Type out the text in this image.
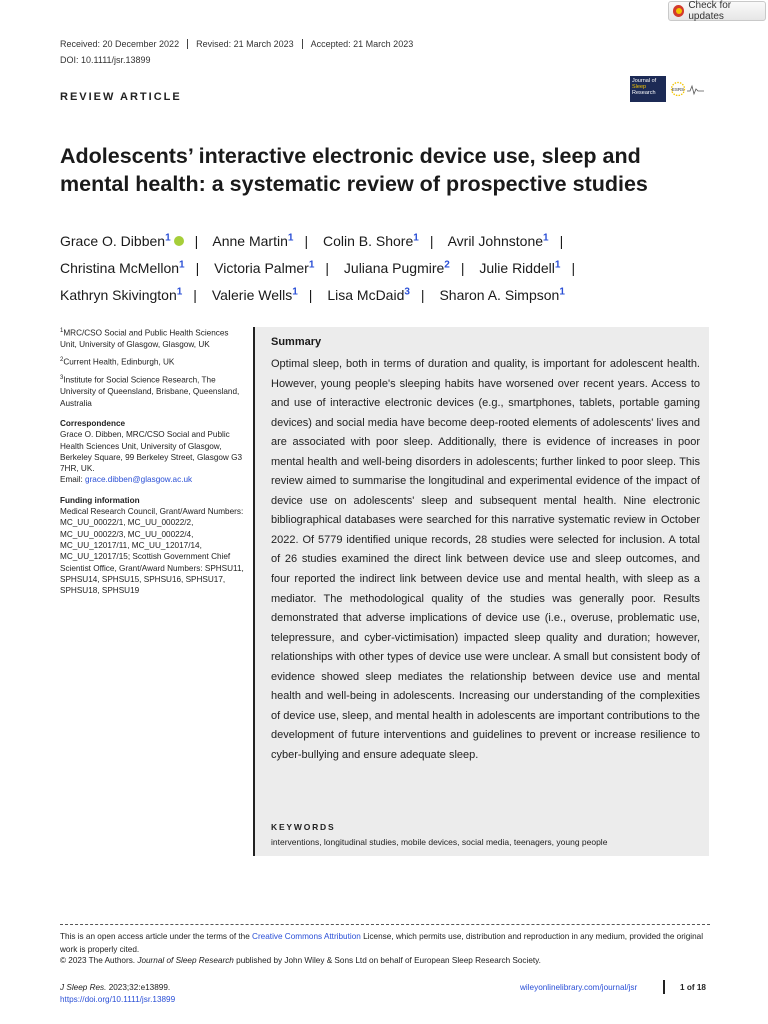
Check for updates
Received: 20 December 2022	Revised: 21 March 2023	Accepted: 21 March 2023
DOI: 10.1111/jsr.13899
REVIEW ARTICLE
Journal of
Sleep
Research
ESRS
Adolescents’ interactive electronic device use, sleep and mental health: a systematic review of prospective studies
Grace O. Dibben$^1$ | Anne Martin$^1$ | Colin B. Shore$^1$ | Avril Johnstone$^1$ | Christina McMellon$^1$ | Victoria Palmer$^1$ | Juliana Pugmire$^2$ | Julie Riddell$^1$ | Kathryn Skivington$^1$ | Valerie Wells$^1$ | Lisa McDaid$^3$ | Sharon A. Simpson$^1$

$^1$MRC/CSO Social and Public Health Sciences Unit, University of Glasgow, Glasgow, UK

$^2$Current Health, Edinburgh, UK

$^3$Institute for Social Science Research, The University of Queensland, Brisbane, Queensland, Australia

Correspondence

Grace O. Dibben, MRC/CSO Social and Public Health Sciences Unit, University of Glasgow, Berkeley Square, 99 Berkeley Street, Glasgow G3 7HR, UK.
Email: grace.dibben@glasgow.ac.uk

Funding information

Medical Research Council, Grant/Award Numbers: MC_UU_00022/1, MC_UU_00022/2, MC_UU_00022/3, MC_UU_00022/4, MC_UU_12017/11, MC_UU_12017/14, MC_UU_12017/15; Scottish Government Chief Scientist Office, Grant/Award Numbers: SPHSU11, SPHSU14, SPHSU15, SPHSU16, SPHSU17, SPHSU18, SPHSU19

Summary
Optimal sleep, both in terms of duration and quality, is important for adolescent health. However, young people's sleeping habits have worsened over recent years. Access to and use of interactive electronic devices (e.g., smartphones, tablets, portable gaming devices) and social media have become deep-rooted elements of adolescents' lives and are associated with poor sleep. Additionally, there is evidence of increases in poor mental health and well-being disorders in adolescents; further linked to poor sleep. This review aimed to summarise the longitudinal and experimental evidence of the impact of device use on adolescents' sleep and subsequent mental health. Nine electronic bibliographical databases were searched for this narrative systematic review in October 2022. Of 5779 identified unique records, 28 studies were selected for inclusion. A total of 26 studies examined the direct link between device use and sleep outcomes, and four reported the indirect link between device use and mental health, with sleep as a mediator. The methodological quality of the studies was generally poor. Results demonstrated that adverse implications of device use (i.e., overuse, problematic use, telepressure, and cyber-victimisation) impacted sleep quality and duration; however, relationships with other types of device use were unclear. A small but consistent body of evidence showed sleep mediates the relationship between device use and mental health and well-being in adolescents. Increasing our understanding of the complexities of device use, sleep, and mental health in adolescents are important contributions to the development of future interventions and guidelines to prevent or increase resilience to cyber-bullying and ensure adequate sleep.
KEYWORDS
interventions, longitudinal studies, mobile devices, social media, teenagers, young people
This is an open access article under the terms of the Creative Commons Attribution License, which permits use, distribution and reproduction in any medium, provided the original work is properly cited.
© 2023 The Authors. Journal of Sleep Research published by John Wiley & Sons Ltd on behalf of European Sleep Research Society.
J Sleep Res. 2023;32:e13899.
https://doi.org/10.1111/jsr.13899
wileyonlinelibrary.com/journal/jsr	1 of 18
